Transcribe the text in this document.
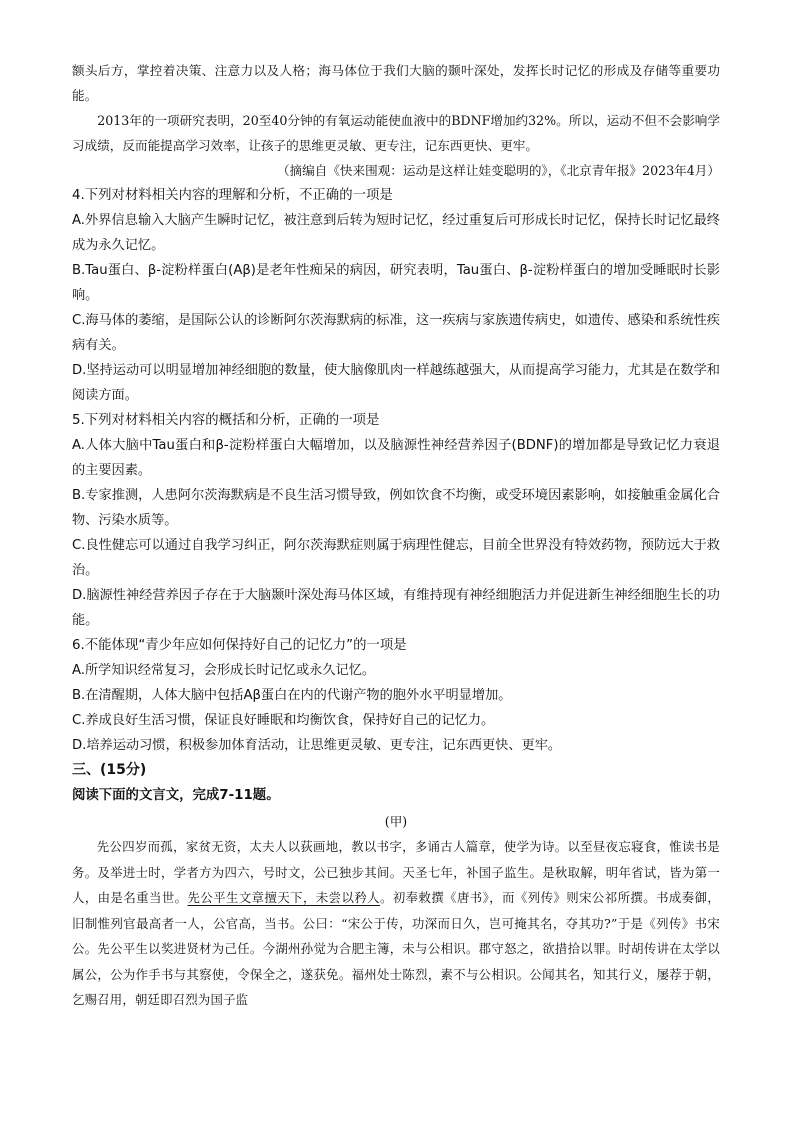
额头后方，掌控着决策、注意力以及人格；海马体位于我们大脑的颞叶深处，发挥长时记忆的形成及存储等重要功能。

2013年的一项研究表明，20至40分钟的有氧运动能使血液中的BDNF增加约32%。所以，运动不但不会影响学习成绩，反而能提高学习效率，让孩子的思维更灵敏、更专注，记东西更快、更牢。

（摘编自《快来围观：运动是这样让娃变聪明的》，《北京青年报》2023年4月）

4.下列对材料相关内容的理解和分析，不正确的一项是

A.外界信息输入大脑产生瞬时记忆，被注意到后转为短时记忆，经过重复后可形成长时记忆，保持长时记忆最终成为永久记忆。

B.Tau蛋白、β-淀粉样蛋白(Aβ)是老年性痴呆的病因，研究表明，Tau蛋白、β-淀粉样蛋白的增加受睡眠时长影响。

C.海马体的萎缩，是国际公认的诊断阿尔茨海默病的标准，这一疾病与家族遗传病史，如遗传、感染和系统性疾病有关。

D.坚持运动可以明显增加神经细胞的数量，使大脑像肌肉一样越练越强大，从而提高学习能力，尤其是在数学和阅读方面。

5.下列对材料相关内容的概括和分析，正确的一项是

A.人体大脑中Tau蛋白和β-淀粉样蛋白大幅增加，以及脑源性神经营养因子(BDNF)的增加都是导致记忆力衰退的主要因素。

B.专家推测，人患阿尔茨海默病是不良生活习惯导致，例如饮食不均衡，或受环境因素影响，如接触重金属化合物、污染水质等。

C.良性健忘可以通过自我学习纠正，阿尔茨海默症则属于病理性健忘，目前全世界没有特效药物，预防远大于救治。

D.脑源性神经营养因子存在于大脑颞叶深处海马体区域，有维持现有神经细胞活力并促进新生神经细胞生长的功能。

6.不能体现“青少年应如何保持好自己的记忆力”的一项是

A.所学知识经常复习，会形成长时记忆或永久记忆。

B.在清醒期，人体大脑中包括Aβ蛋白在内的代谢产物的胞外水平明显增加。

C.养成良好生活习惯，保证良好睡眠和均衡饮食，保持好自己的记忆力。

D.培养运动习惯，积极参加体育活动，让思维更灵敏、更专注，记东西更快、更牢。

三、(15分)

阅读下面的文言文，完成7-11题。

(甲)

先公四岁而孤，家贫无资，太夫人以荻画地，教以书字，多诵古人篇章，使学为诗。以至昼夜忘寝食，惟读书是务。及举进士时，学者方为四六，号时文，公已独步其间。天圣七年，补国子监生。是秋取解，明年省试，皆为第一人，由是名重当世。先公平生文章擅天下，未尝以矜人。初奉敕撰《唐书》，而《列传》则宋公祁所撰。书成奏御，旧制惟列官最高者一人，公官高，当书。公曰：“宋公于传，功深而日久，岂可掩其名，夺其功?”于是《列传》书宋公。先公平生以奖进贤材为己任。今湖州孙觉为合肥主簿，未与公相识。郡守怒之，欲措拾以罪。时胡传讲在太学以属公，公为作手书与其察使，令保全之，遂获免。福州处士陈烈，素不与公相识。公闻其名，知其行义，屡荐于朝，乞赐召用，朝廷即召烈为国子监
